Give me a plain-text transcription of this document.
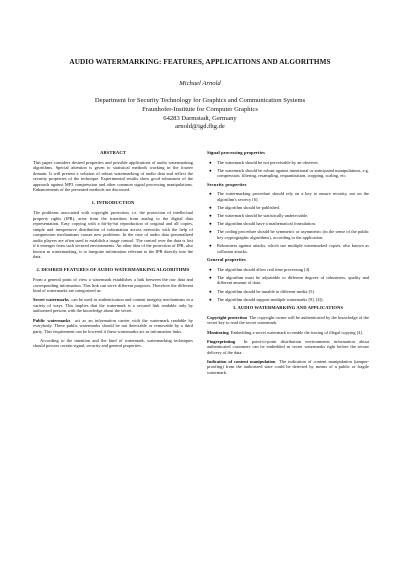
AUDIO WATERMARKING: FEATURES, APPLICATIONS AND ALGORITHMS
Michael Arnold
Department for Security Technology for Graphics and Communication Systems
Fraunhofer-Institute for Computer Graphics
64283 Darmstadt, Germany
arnold@igd.fhg.de
ABSTRACT

This paper considers desired properties and possible applications of audio watermarking algorithms. Special attention is given to statistical methods working in the fourier domain. It will present a solution of robust watermarking of audio data and reflect the security properties of the technique. Experimental results show good robustness of the approach against MP3 compression and other common signal processing manipulations. Enhancements of the presented methods are discussed.

1. INTRODUCTION

The problems associated with copyright protection, i.e. the protection of intellectual property rights (IPR), arise from the transition from analog to the digital data representation. Easy copying with a bit-by-bit reproduction of original and all copies, simple and inexpensive distribution of information across networks with the help of compression mechanisms causes new problems. In the case of audio data personalized audio players are often used to establish a usage control. The control over the data is lost if it emerges from such secured environments. An other idea of the protection of IPR, also known as watermarking, is to integrate information relevant to the IPR directly into the data.

2. DESIRED FEATURES OF AUDIO WATERMARKING ALGORITHMS

From a general point of view a watermark establishes a link between the raw data and corresponding information. This link can serve different purposes. Therefore the different kind of watermarks are categorized as:

Secret watermarks can be used as authentication and content integrity mechanisms in a variety of ways. This implies that the watermark is a secured link readable only by authorized persons with the knowledge about the secret.

Public watermarks act as an information carrier with the watermark readable by everybody. These public watermarks should be not detectable or removable by a third party. This requirement can be lowered if these watermarks act as information links.

According to the intention and the kind of watermark, watermarking techniques should possess certain signal, security and general properties.

Signal processing properties
● The watermark should be not perceivable by an observer.
● The watermark should be robust against intentional or anticipated manipulations, e.g. compression, filtering, resampling, requantisation, cropping, scaling, etc.
Security properties
● The watermarking procedure should rely on a key to ensure security, not on the algorithm's secrecy [6].
● The algorithm should be published.
● The watermark should be statistically undetectable.
● The algorithm should have a mathematical formulation.
● The coding procedure should be symmetric or asymmetric (in the sense of the public key cryptographic algorithms), according to the application.
● Robustness against attacks, which use multiple watermarked copies, also known as collusion attacks.
General properties
● The algorithm should allow real time processing [4].
● The algorithm must be adjustable to different degrees of robustness, quality and different amount of data.
● The algorithm should be tunable to different media [5].
● The algorithm should support multiple watermarks [9], [4]).
3. AUDIO WATERMARKING AND APPLICATIONS

Copyright protection The copyright owner will be authenticated by the knowledge of the secret key to read the secret watermark.

Monitoring Embedding a secret watermark to enable the tracing of illegal copying [4].

Fingerprinting In point-to-point distribution environments information about authenticated customers can be embedded as secret watermarks right before the secure delivery of the data.

Indication of content manipulation The indication of content manipulation (tamper-proofing) from the authorized state could be detected by means of a public or fragile watermark.
